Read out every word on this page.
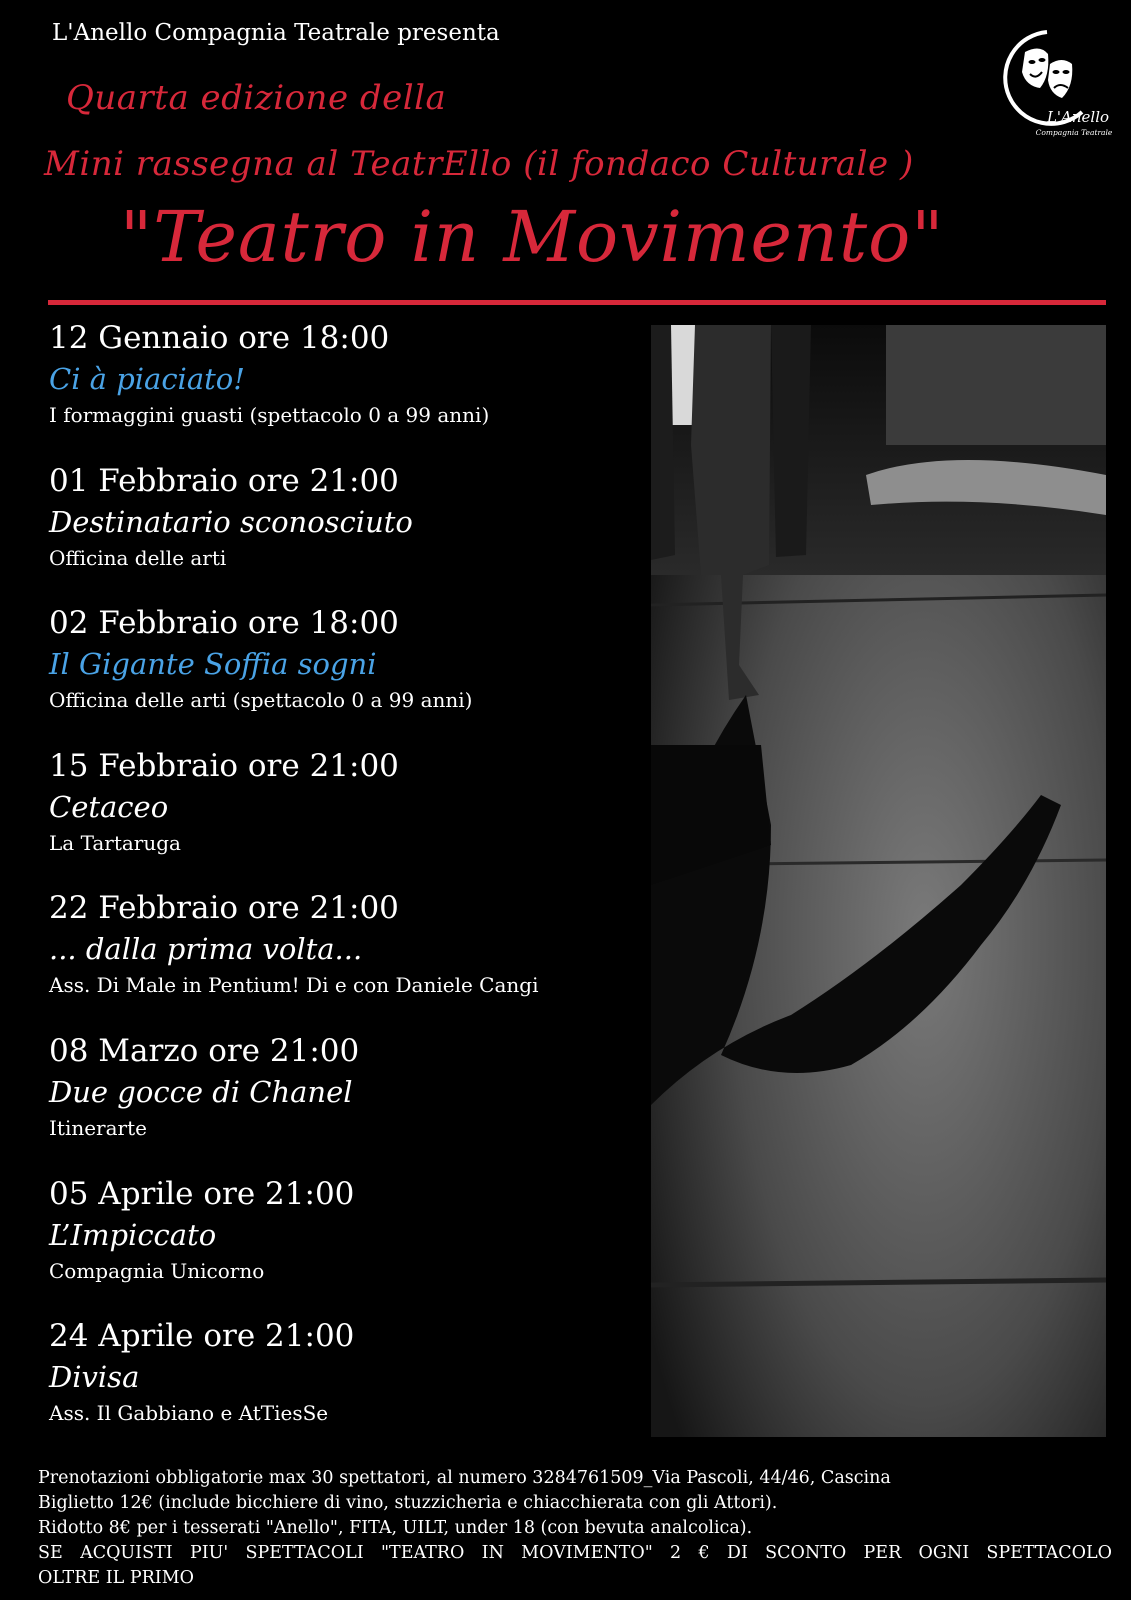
L'Anello Compagnia Teatrale presenta

L'Anello
Compagnia Teatrale
Quarta edizione della
Mini rassegna al TeatrEllo (il fondaco Culturale )
"Teatro in Movimento"
12 Gennaio ore 18:00
Ci à piaciato!
I formaggini guasti (spettacolo 0 a 99 anni)
01 Febbraio ore 21:00
Destinatario sconosciuto
Officina delle arti
02 Febbraio ore 18:00
Il Gigante Soffia sogni
Officina delle arti (spettacolo 0 a 99 anni)
15 Febbraio ore 21:00
Cetaceo
La Tartaruga
22 Febbraio ore 21:00
... dalla prima volta...
Ass. Di Male in Pentium! Di e con Daniele Cangi
08 Marzo ore 21:00
Due gocce di Chanel
Itinerarte
05 Aprile ore 21:00
L’Impiccato
Compagnia Unicorno
24 Aprile ore 21:00
Divisa
Ass. Il Gabbiano e AtTiesSe
Prenotazioni obbligatorie max 30 spettatori, al numero 3284761509_Via Pascoli, 44/46, Cascina
Biglietto 12€ (include bicchiere di vino, stuzzicheria e chiacchierata con gli Attori).
Ridotto 8€ per i tesserati "Anello", FITA, UILT, under 18 (con bevuta analcolica).
SE ACQUISTI PIU' SPETTACOLI "TEATRO IN MOVIMENTO" 2 € DI SCONTO PER OGNI SPETTACOLO
OLTRE IL PRIMO
